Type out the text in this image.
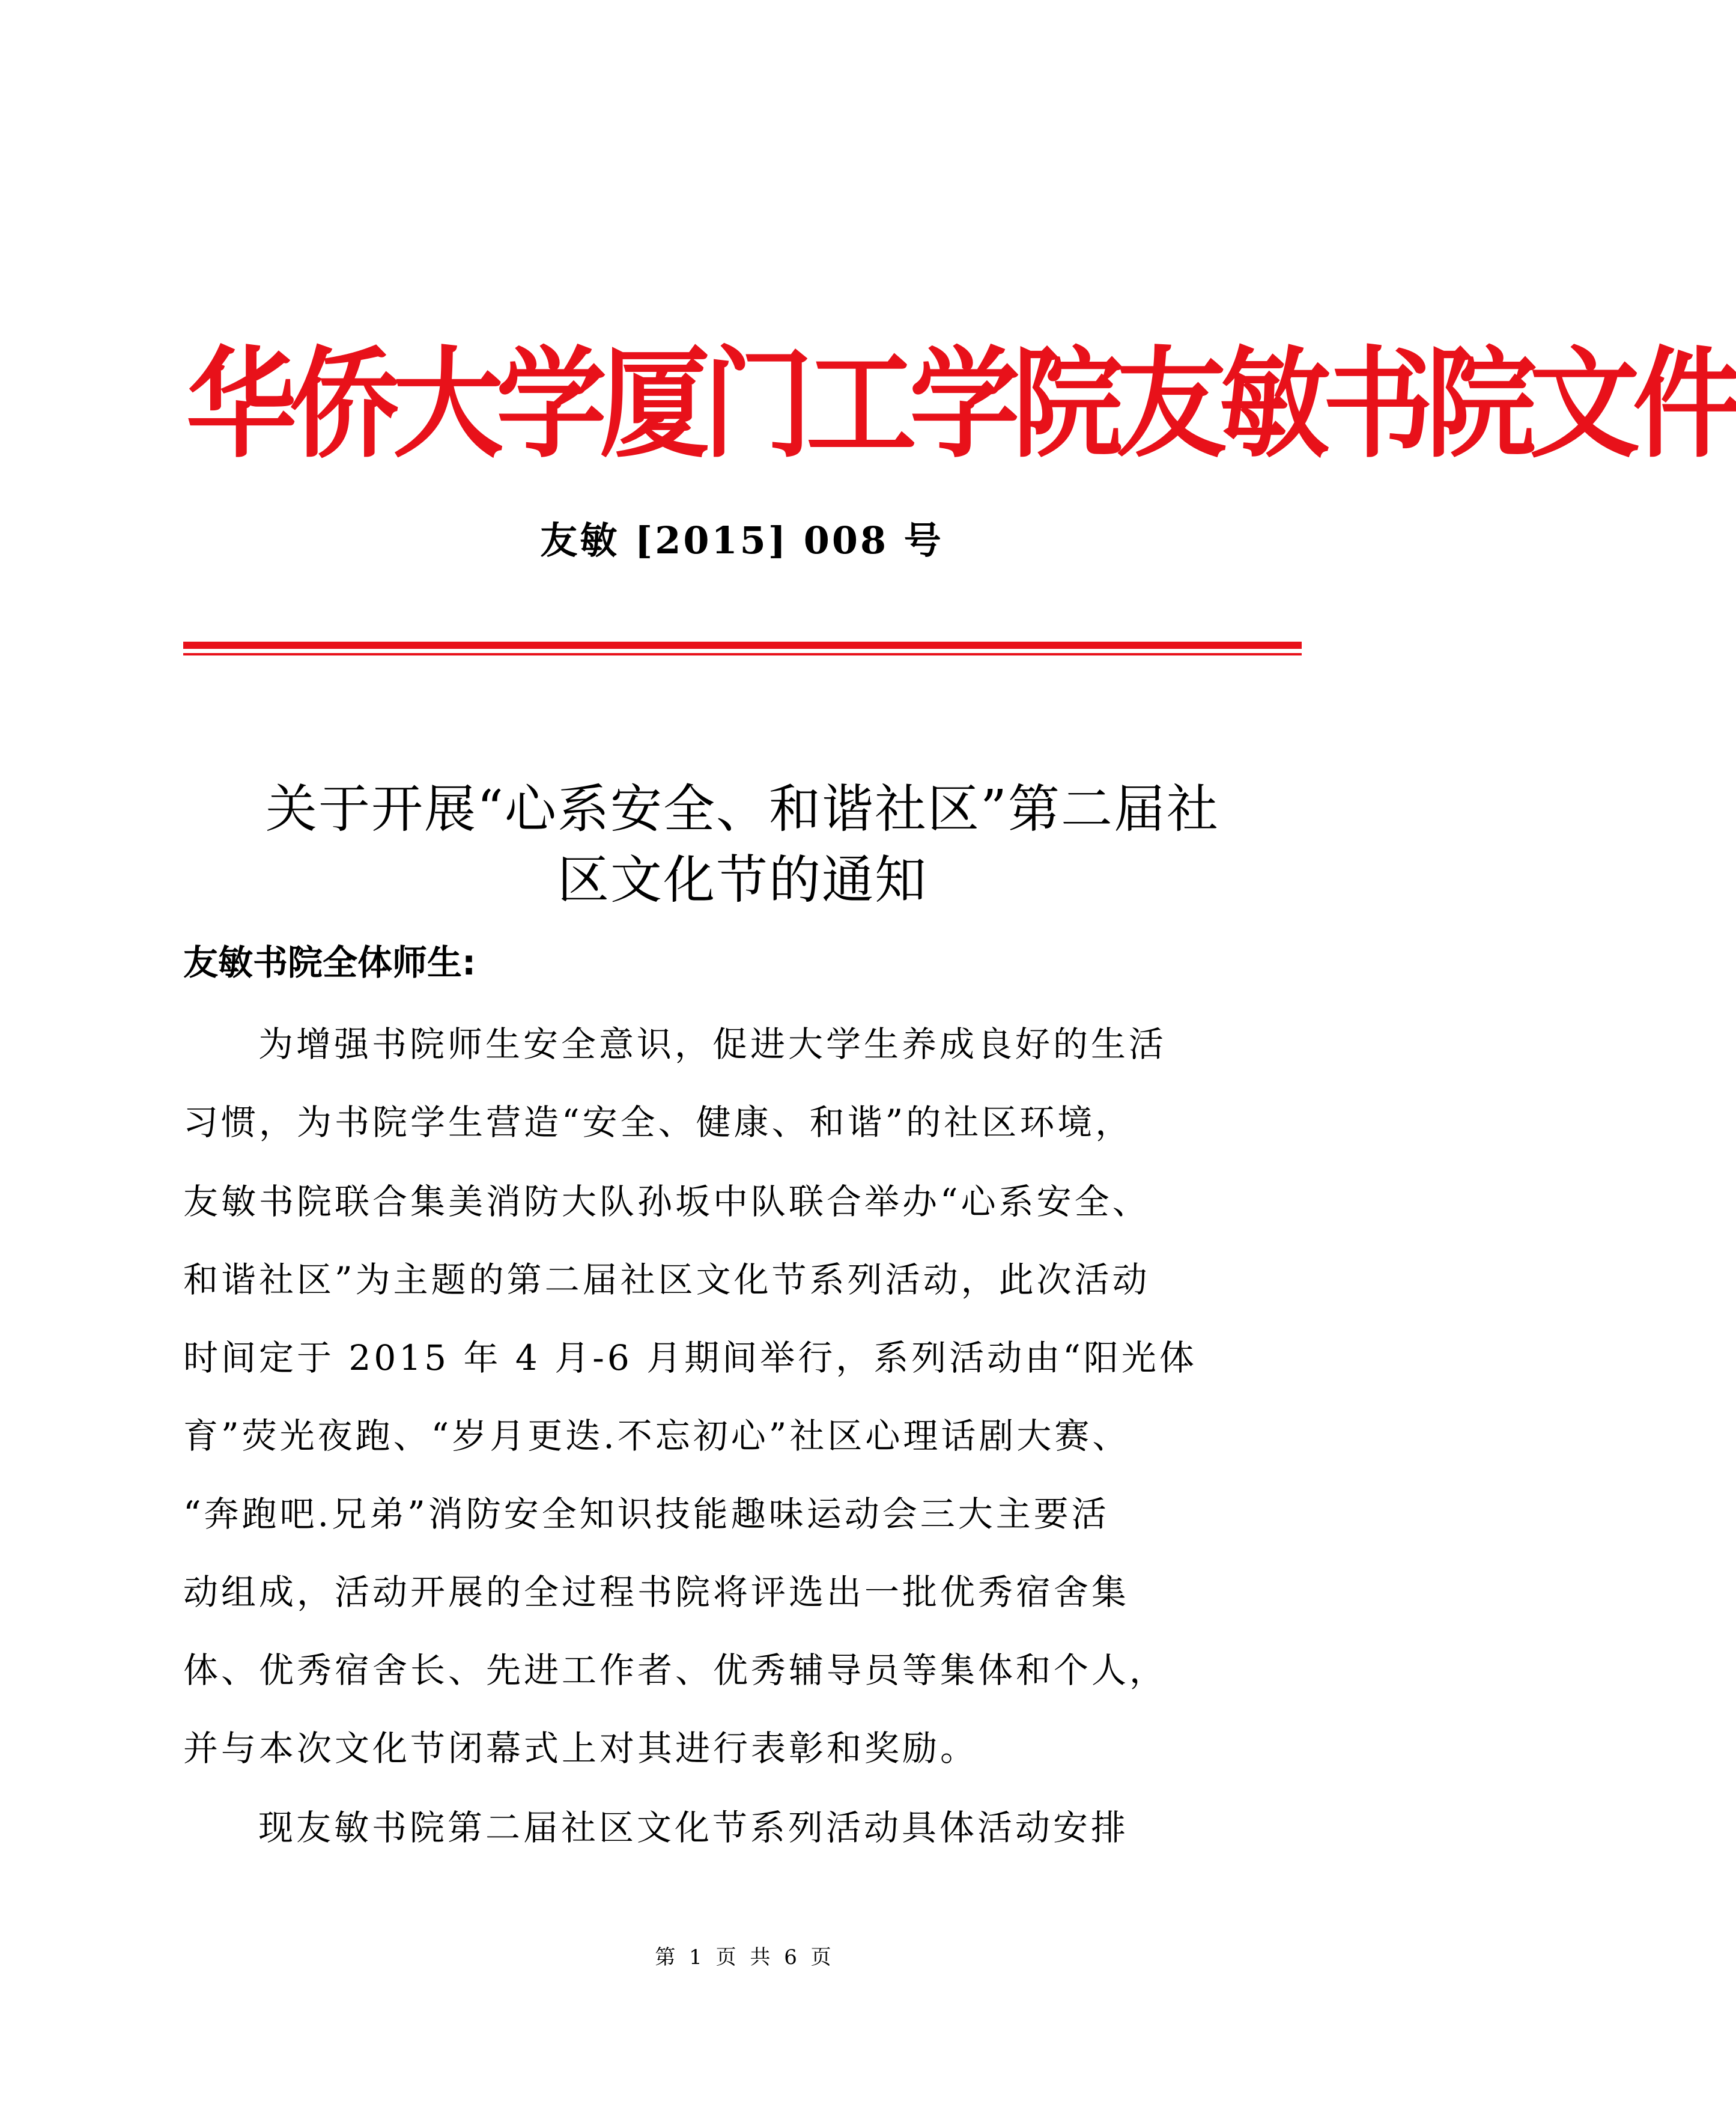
华侨大学厦门工学院友敏书院文件
友敏 [2015] 008 号
关于开展“心系安全、和谐社区”第二届社
区文化节的通知
友敏书院全体师生:
为增强书院师生安全意识，促进大学生养成良好的生活
习惯，为书院学生营造“安全、健康、和谐”的社区环境，
友敏书院联合集美消防大队孙坂中队联合举办“心系安全、
和谐社区”为主题的第二届社区文化节系列活动，此次活动
时间定于 2015 年 4 月-6 月期间举行，系列活动由“阳光体
育”荧光夜跑、“岁月更迭.不忘初心”社区心理话剧大赛、
“奔跑吧.兄弟”消防安全知识技能趣味运动会三大主要活
动组成，活动开展的全过程书院将评选出一批优秀宿舍集
体、优秀宿舍长、先进工作者、优秀辅导员等集体和个人，
并与本次文化节闭幕式上对其进行表彰和奖励。
现友敏书院第二届社区文化节系列活动具体活动安排
第 1 页 共 6 页
